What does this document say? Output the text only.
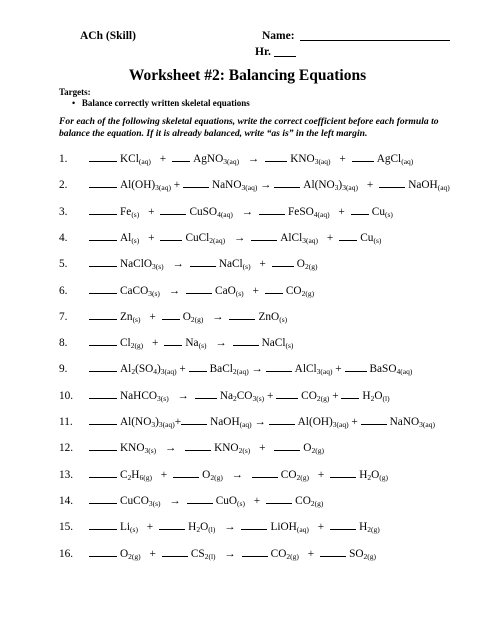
ACh (Skill)	Name:
Hr.
Worksheet #2: Balancing Equations
Targets:
• Balance correctly written skeletal equations
For each of the following skeletal equations, write the correct coefficient before each formula to balance the equation. If it is already balanced, write “as is” in the left margin.
1.	KCl$_{(aq)}$ + AgNO$_{3(aq)}$ →	$KNO_{3(aq)}$ +	AgCl$_{(aq)}$
2.	$Al(OH)_{3(aq)}$ +	NaNO$_{3(aq)}$ →	$Al(NO_3)_{3(aq)}$ +	NaOH$_{(aq)}$
3.	$Fe_{(s)}$ +	CuSO$_{4(aq)}$ →	FeSO$_{4(aq)}$ + $Cu_{(s)}$
4.	$Al_{(s)}$ +	CuCl$_{2(aq)}$ →	AlCl$_{3(aq)}$ + $Cu_{(s)}$
5.	NaClO$_{3(s)}$ →	NaCl$_{(s)}$ +	$O_{2(g)}$
6.	CaCO$_{3(s)}$ →	$CaO_{(s)} + CO_{2(g)}$
7.	$Zn_{(s)} + O_{2(g)}$ →	ZnO$_{(s)}$
8.	$Cl_{2(g)} + Na_{(s)}$ →	NaCl$_{(s)}$
9.	$Al_2(SO_4)_{3(aq)}$ + BaCl$_{2(aq)}$ →	AlCl$_{3(aq)}$ + BaSO$_{4(aq)}$
10.	NaHCO$_{3(s)}$ →	$Na_2CO_{3(s)} + CO_{2(g)} + H_2O_{(l)}$
11.	$Al(NO_3)_{3(aq)}+$	NaOH$_{(aq)}$ →	$Al(OH)_{3(aq)}$ +	NaNO$_{3(aq)}$
12.	$KNO_{3(s)}$ →	$KNO_{2(s)}$ +	$O_{2(g)}$
13.	$C_2H_{6(g)}$ +	$O_{2(g)}$ →	$CO_{2(g)}$ +	$H_2O_{(g)}$
14.	CuCO$_{3(s)}$ →	CuO$_{(s)}$ +	$CO_{2(g)}$
15.	$Li_{(s)}$ +	$H_2O_{(l)}$ →	LiOH$_{(aq)}$ +	$H_{2(g)}$
16.	$O_{2(g)}$ +	$CS_{2(l)}$ →	$CO_{2(g)}$ +	$SO_{2(g)}$
